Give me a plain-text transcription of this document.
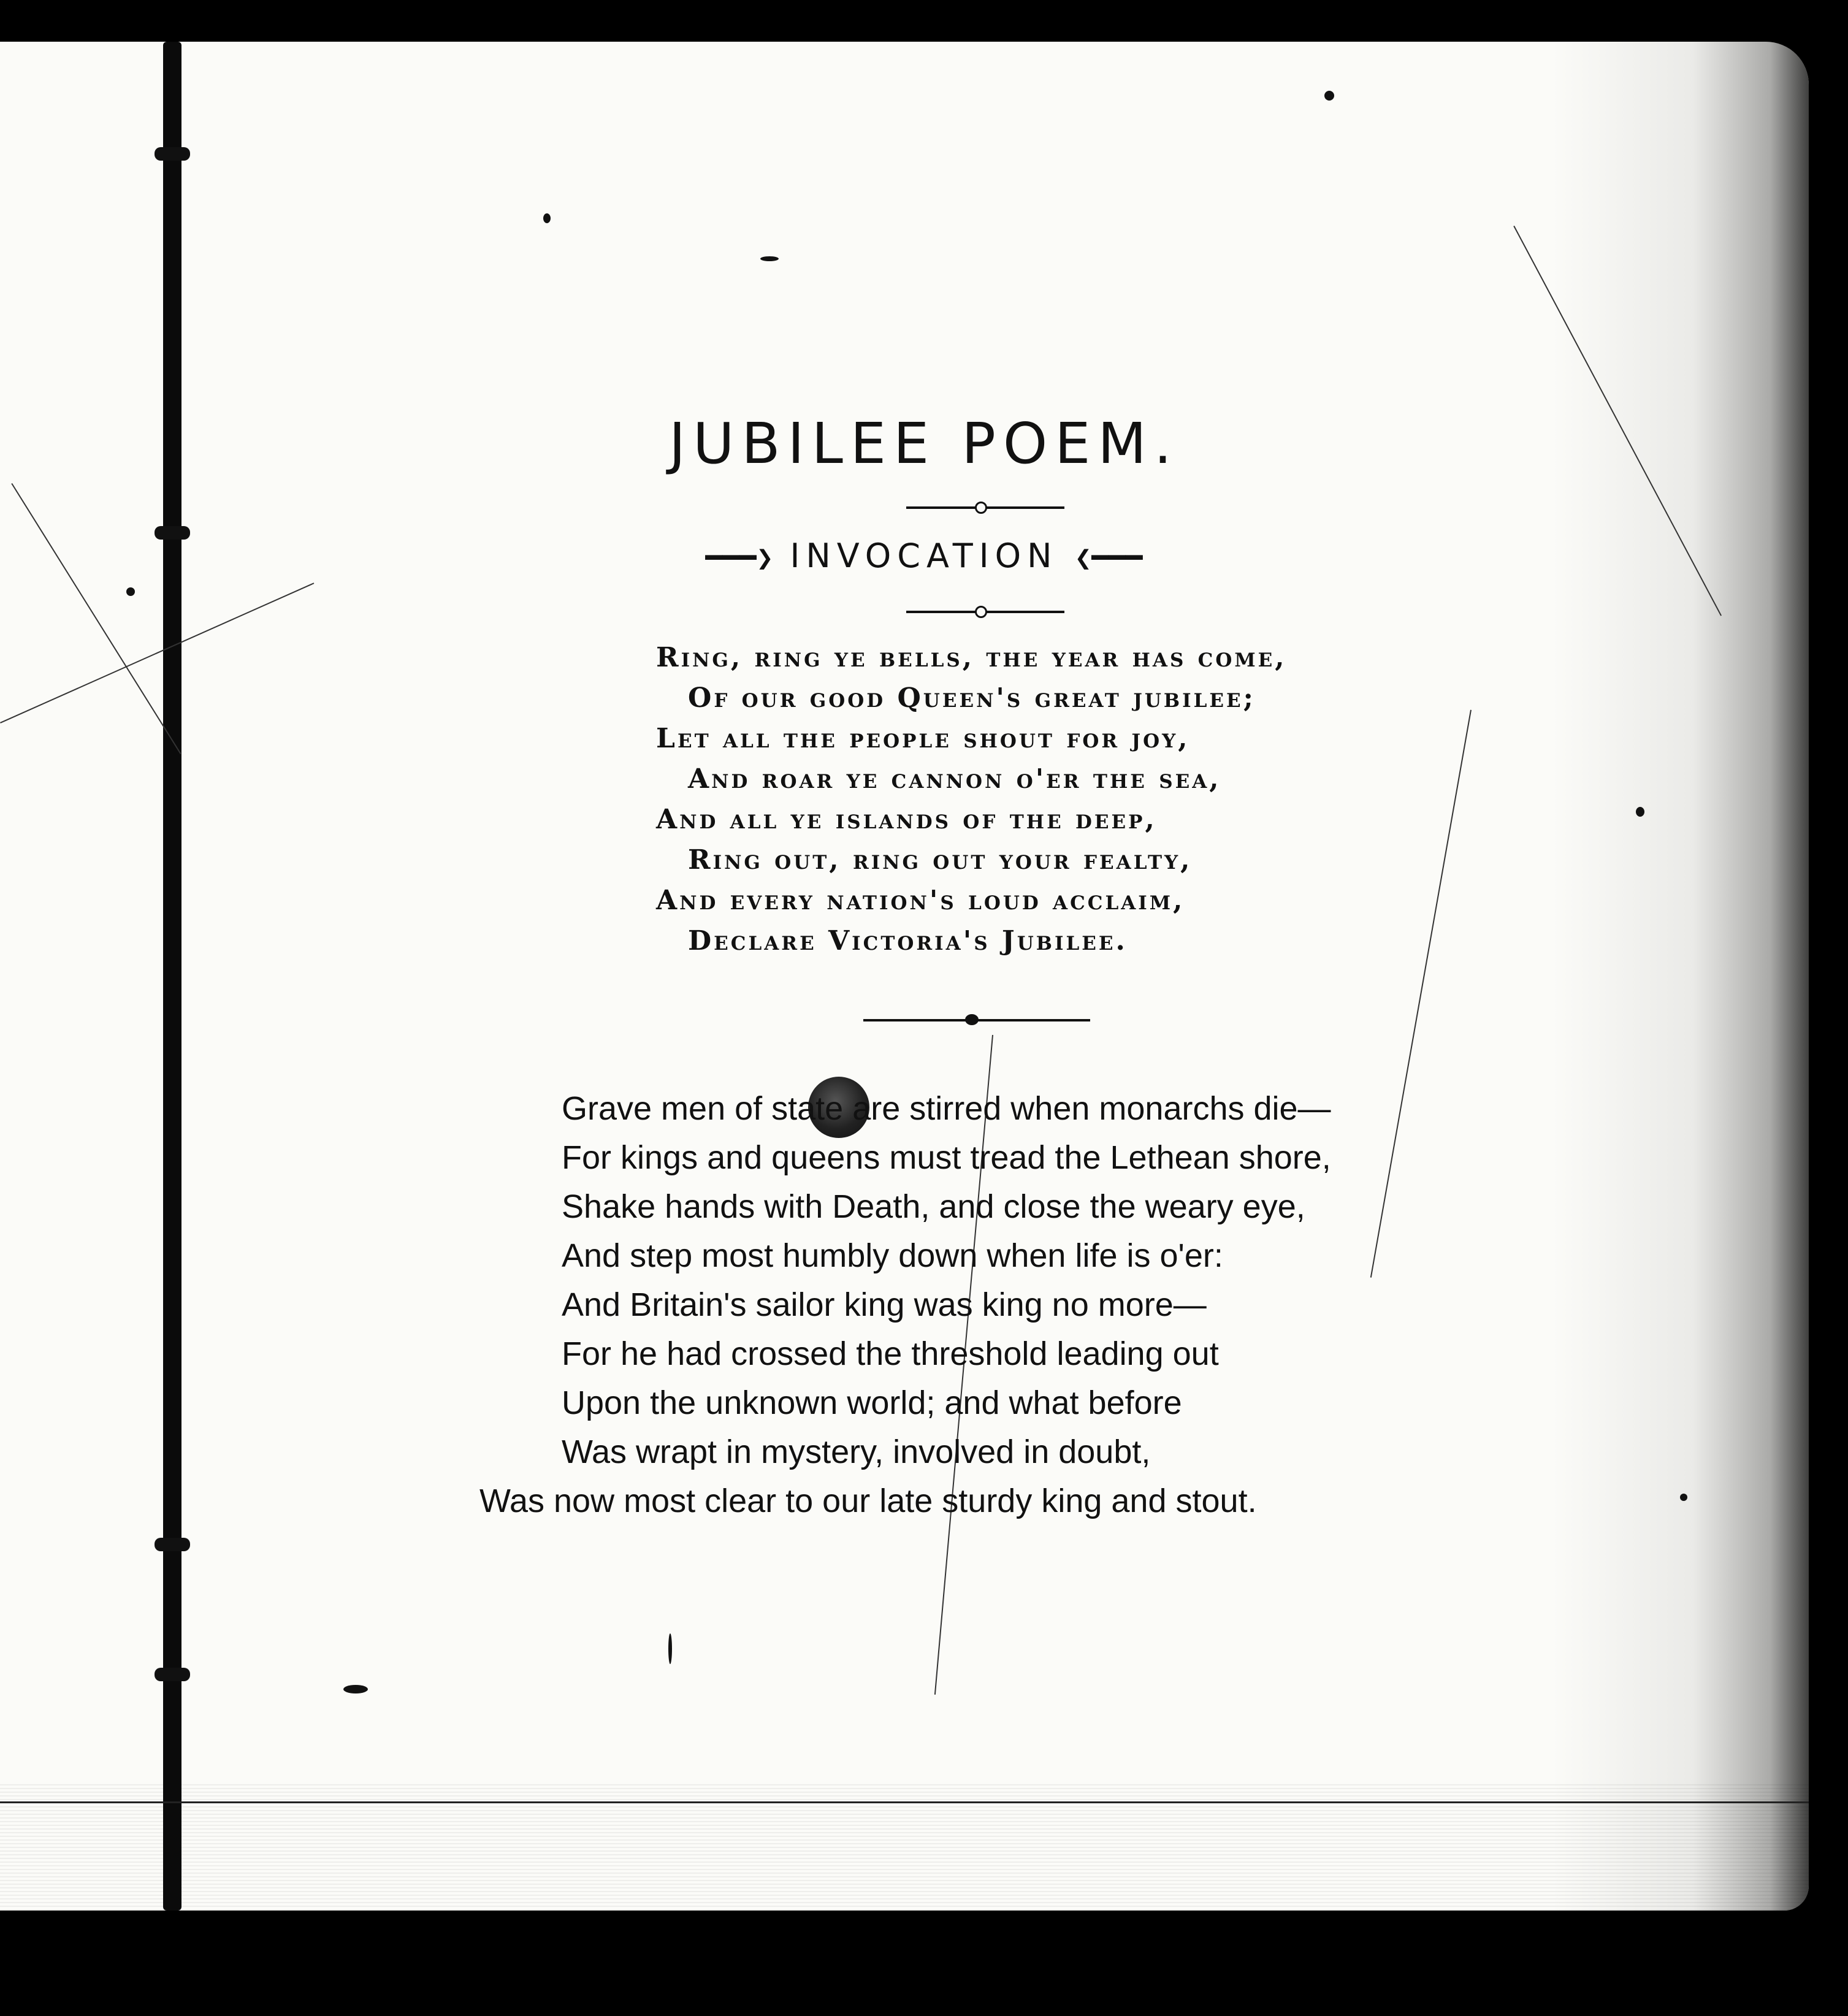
JUBILEE POEM.
━━━❯ INVOCATION ❮━━━
Ring, ring ye bells, the year has come,
Of our good Queen's great jubilee;
Let all the people shout for joy,
And roar ye cannon o'er the sea,
And all ye islands of the deep,
Ring out, ring out your fealty,
And every nation's loud acclaim,
Declare Victoria's Jubilee.
Grave men of state are stirred when monarchs die—
For kings and queens must tread the Lethean shore,
Shake hands with Death, and close the weary eye,
And step most humbly down when life is o'er:
And Britain's sailor king was king no more—
For he had crossed the threshold leading out
Upon the unknown world; and what before
Was wrapt in mystery, involved in doubt,
Was now most clear to our late sturdy king and stout.
